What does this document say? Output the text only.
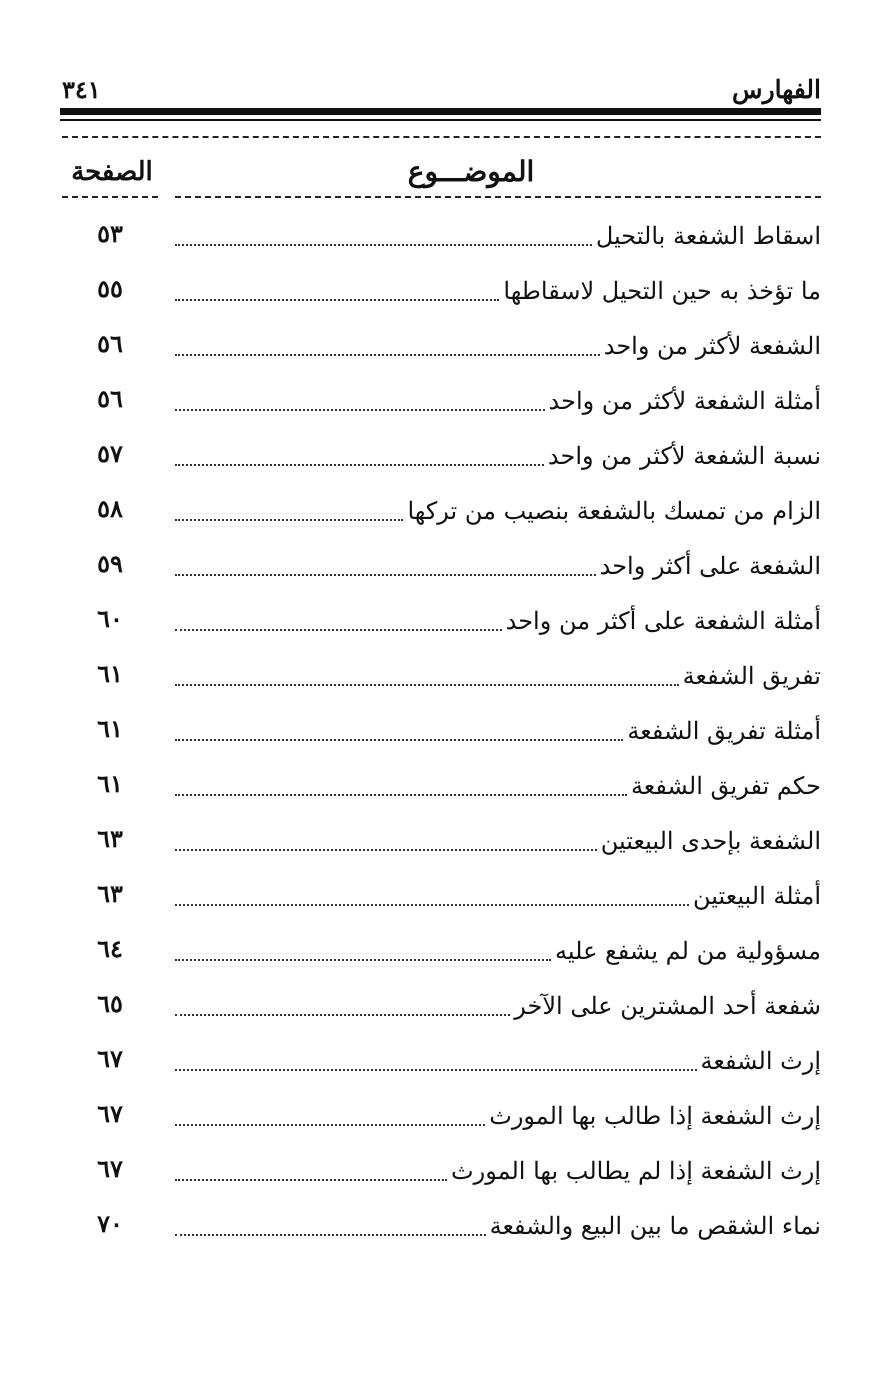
الفهارس
٣٤١
الموضـــوع
الصفحة
اسقاط الشفعة بالتحيل
٥٣
ما تؤخذ به حين التحيل لاسقاطها
٥٥
الشفعة لأكثر من واحد
٥٦
أمثلة الشفعة لأكثر من واحد
٥٦
نسبة الشفعة لأكثر من واحد
٥٧
الزام من تمسك بالشفعة بنصيب من تركها
٥٨
الشفعة على أكثر واحد
٥٩
أمثلة الشفعة على أكثر من واحد
٦٠
تفريق الشفعة
٦١
أمثلة تفريق الشفعة
٦١
حكم تفريق الشفعة
٦١
الشفعة بإحدى البيعتين
٦٣
أمثلة البيعتين
٦٣
مسؤولية من لم يشفع عليه
٦٤
شفعة أحد المشترين على الآخر
٦٥
إرث الشفعة
٦٧
إرث الشفعة إذا طالب بها المورث
٦٧
إرث الشفعة إذا لم يطالب بها المورث
٦٧
نماء الشقص ما بين البيع والشفعة
٧٠
